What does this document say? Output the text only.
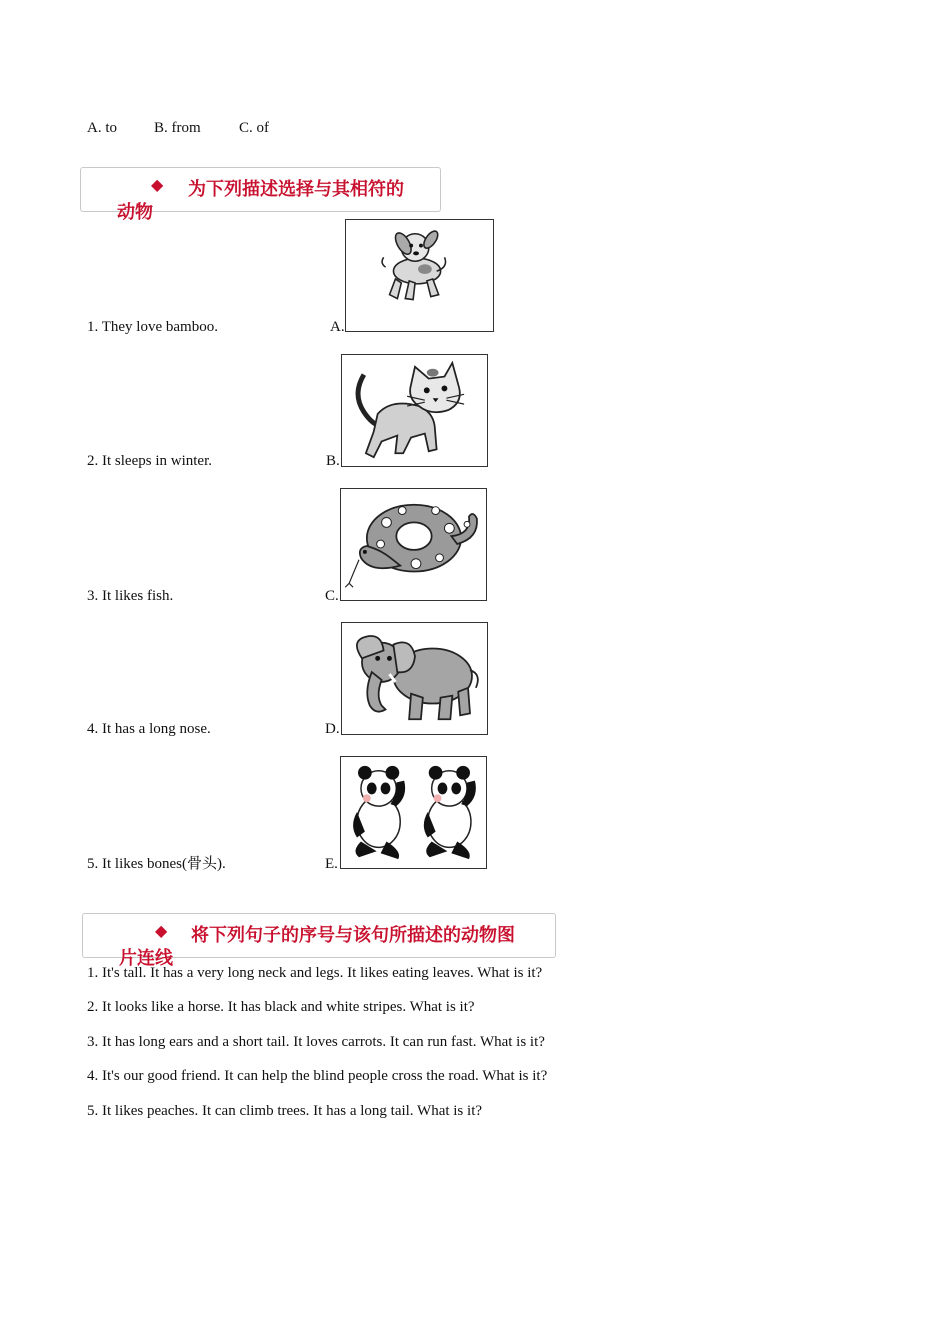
A. to B. from	C. of
◆ 为下列描述选择与其相符的
动物
1. They love bamboo.
2. It sleeps in winter.
3. It likes fish.
4. It has a long nose.
5. It likes bones(骨头).
A.
B.
C.
D.
E.
◆ 将下列句子的序号与该句所描述的动物图
片连线
1. It's tall. It has a very long neck and legs. It likes eating leaves. What is it?
2. It looks like a horse. It has black and white stripes. What is it?
3. It has long ears and a short tail. It loves carrots. It can run fast. What is it?
4. It's our good friend. It can help the blind people cross the road. What is it?
5. It likes peaches. It can climb trees. It has a long tail. What is it?
